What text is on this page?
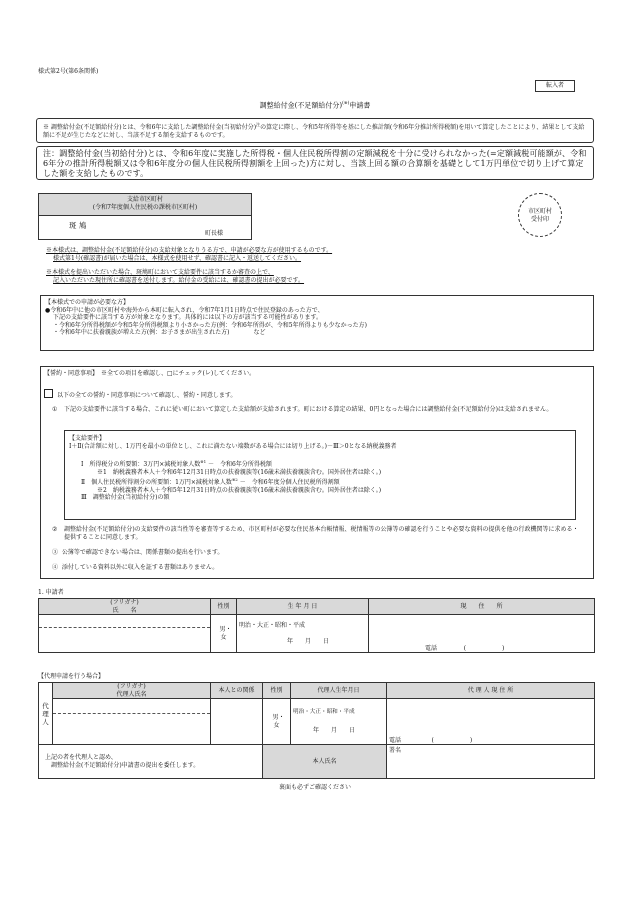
様式第2号(第6条関係)
転入者
調整給付金(不足額給付分)(※)申請書
※ 調整給付金(不足額給付分)とは、令和6年に支給した調整給付金(当初給付分)$^注$の算定に際し、令和5年所得等を基にした推計額(令和6年分推計所得税額)を用いて算定したことにより、結果として支給額に不足が生じたなどに対し、当該不足する額を支給するものです。
注：調整給付金(当初給付分)とは、令和6年度に実施した所得税・個人住民税所得割の定額減税を十分に受けられなかった(=定額減税可能額が、令和6年分の推計所得税額又は令和6年度分の個人住民税所得割額を上回った)方に対し、当該上回る額の合算額を基礎として1万円単位で切り上げて算定した額を支給したものです。
支給市区町村
(令和7年度個人住民税の課税市区町村)
斑 鳩
町長様
市区町村
受付印
※本様式は、調整給付金(不足額給付分)の支給対象となりうる方で、申請が必要な方が使用するものです。
様式第1号(確認書)が届いた場合は、本様式を使用せず、確認書に記入・返送してください。
※本様式を提出いただいた場合、斑鳩町において支給要件に該当するか審査の上で、
記入いただいた現住所に確認書を送付します。給付金の受給には、確認書の提出が必要です。
【本様式での申請が必要な方】
●令和6年中に他の市区町村や海外から本町に転入され、令和7年1月1日時点で住民登録のあった方で、
下記の支給要件に該当する方が対象となります。具体的には以下の方が該当する可能性があります。
・令和6年分所得税額が令和5年分所得税額より小さかった方(例：令和6年所得が、令和5年所得よりも少なかった方)
・令和6年中に扶養親族が増えた方(例：お子さまが出生された方)　　　　など
【誓約・同意事項】　※全ての項目を確認し、□にチェック(レ)してください。
以下の全ての誓約・同意事項について確認し、誓約・同意します。
① 下記の支給要件に該当する場合、これに従い町において算定した支給額が支給されます。町における算定の結果、0円となった場合には調整給付金(不足額給付分)は支給されません。
【支給要件】
Ⅰ＋Ⅱ(合計額に対し、1万円を最小の単位とし、これに満たない端数がある場合には切り上げる。)－Ⅲ＞0となる納税義務者
Ⅰ　所得税分の所要額：3万円×減税対象人数$^{※1}$ －　令和6年分所得税額
※1　納税義務者本人＋令和6年12月31日時点の扶養親族等(16歳未満扶養親族含む。国外居住者は除く。)
Ⅱ　個人住民税所得割分の所要額：1万円×減税対象人数$^{※2}$ －　令和6年度分個人住民税所得割額
※2　納税義務者本人＋令和5年12月31日時点の扶養親族等(16歳未満扶養親族含む。国外居住者は除く。)
Ⅲ　調整給付金(当初給付分)の額
② 調整給付金(不足額給付分)の支給要件の該当性等を審査等するため、市区町村が必要な住民基本台帳情報、税情報等の公簿等の確認を行うことや必要な資料の提供を他の行政機関等に求める・提供することに同意します。
③ 公簿等で確認できない場合は、関係書類の提出を行います。
④ 添付している資料以外に収入を証する書類はありません。
1. 申請者
(フリガナ)
氏　　名	性別	生 年 月 日	現　　住　　所

	男・女	明治・大正・昭和・平成
年　　月　　日	電話 (　　　　　　)
【代理申請を行う場合】
代理人	(フリガナ)
代理人氏名	本人との関係	性別	代理人生年月日	代 理 人 現 住 所

			男・女	明治・大正・昭和・平成
年　　月　　日	電話 (　　　　　　)

上記の者を代理人と認め、
調整給付金(不足額給付分)申請書の提出を委任します。			本人氏名		署名
裏面も必ずご確認ください
